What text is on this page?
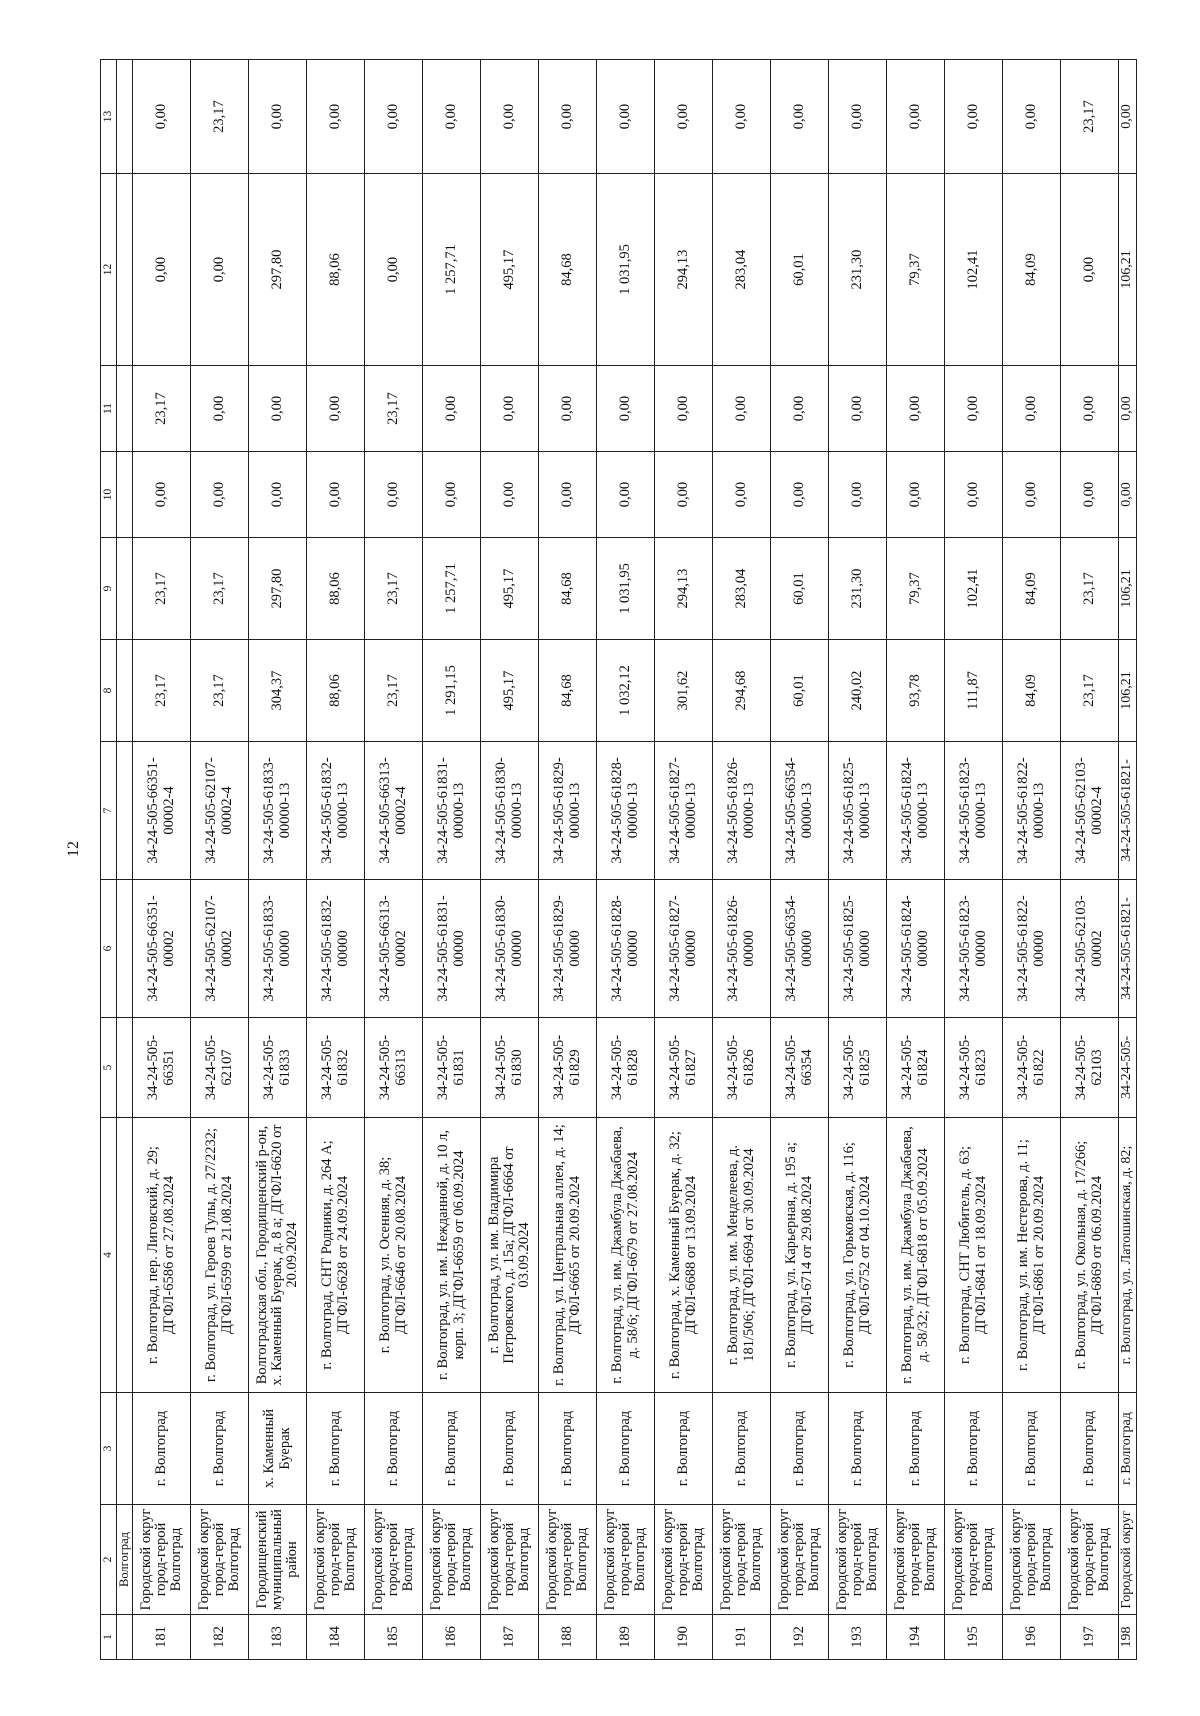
12
1	2	3	4	5	6	7	8	9	10	11	12	13
	Волгоград											
181	Городской округ город-герой Волгоград	г. Волгоград	г. Волгоград, пер. Лиговский, д. 29; ДГФЛ-6586 от 27.08.2024	34-24-505-66351	34-24-505-66351-00002	34-24-505-66351-00002-4	23,17	23,17	0,00	23,17	0,00	0,00
182	Городской округ город-герой Волгоград	г. Волгоград	г. Волгоград, ул. Героев Тулы, д. 27/2232; ДГФЛ-6599 от 21.08.2024	34-24-505-62107	34-24-505-62107-00002	34-24-505-62107-00002-4	23,17	23,17	0,00	0,00	0,00	23,17
183	Городищенский муниципальный район	х. Каменный Буерак	Волгоградская обл., Городищенский р-он, х. Каменный Буерак, д. 8 а; ДГФЛ-6620 от 20.09.2024	34-24-505-61833	34-24-505-61833-00000	34-24-505-61833-00000-13	304,37	297,80	0,00	0,00	297,80	0,00
184	Городской округ город-герой Волгоград	г. Волгоград	г. Волгоград, СНТ Родники, д. 264 А; ДГФЛ-6628 от 24.09.2024	34-24-505-61832	34-24-505-61832-00000	34-24-505-61832-00000-13	88,06	88,06	0,00	0,00	88,06	0,00
185	Городской округ город-герой Волгоград	г. Волгоград	г. Волгоград, ул. Осенняя, д. 38; ДГФЛ-6646 от 20.08.2024	34-24-505-66313	34-24-505-66313-00002	34-24-505-66313-00002-4	23,17	23,17	0,00	23,17	0,00	0,00
186	Городской округ город-герой Волгоград	г. Волгоград	г. Волгоград, ул. им. Нежданной, д. 10 л, корп. 3; ДГФЛ-6659 от 06.09.2024	34-24-505-61831	34-24-505-61831-00000	34-24-505-61831-00000-13	1 291,15	1 257,71	0,00	0,00	1 257,71	0,00
187	Городской округ город-герой Волгоград	г. Волгоград	г. Волгоград, ул. им. Владимира Петровского, д. 15а; ДГФЛ-6664 от 03.09.2024	34-24-505-61830	34-24-505-61830-00000	34-24-505-61830-00000-13	495,17	495,17	0,00	0,00	495,17	0,00
188	Городской округ город-герой Волгоград	г. Волгоград	г. Волгоград, ул. Центральная аллея, д. 14; ДГФЛ-6665 от 20.09.2024	34-24-505-61829	34-24-505-61829-00000	34-24-505-61829-00000-13	84,68	84,68	0,00	0,00	84,68	0,00
189	Городской округ город-герой Волгоград	г. Волгоград	г. Волгоград, ул. им. Джамбула Джабаева, д. 58/6; ДГФЛ-6679 от 27.08.2024	34-24-505-61828	34-24-505-61828-00000	34-24-505-61828-00000-13	1 032,12	1 031,95	0,00	0,00	1 031,95	0,00
190	Городской округ город-герой Волгоград	г. Волгоград	г. Волгоград, х. Каменный Буерак, д. 32; ДГФЛ-6688 от 13.09.2024	34-24-505-61827	34-24-505-61827-00000	34-24-505-61827-00000-13	301,62	294,13	0,00	0,00	294,13	0,00
191	Городской округ город-герой Волгоград	г. Волгоград	г. Волгоград, ул. им. Менделеева, д. 181/506; ДГФЛ-6694 от 30.09.2024	34-24-505-61826	34-24-505-61826-00000	34-24-505-61826-00000-13	294,68	283,04	0,00	0,00	283,04	0,00
192	Городской округ город-герой Волгоград	г. Волгоград	г. Волгоград, ул. Карьерная, д. 195 а; ДГФЛ-6714 от 29.08.2024	34-24-505-66354	34-24-505-66354-00000	34-24-505-66354-00000-13	60,01	60,01	0,00	0,00	60,01	0,00
193	Городской округ город-герой Волгоград	г. Волгоград	г. Волгоград, ул. Горьковская, д. 116; ДГФЛ-6752 от 04.10.2024	34-24-505-61825	34-24-505-61825-00000	34-24-505-61825-00000-13	240,02	231,30	0,00	0,00	231,30	0,00
194	Городской округ город-герой Волгоград	г. Волгоград	г. Волгоград, ул. им. Джамбула Джабаева, д. 58/32; ДГФЛ-6818 от 05.09.2024	34-24-505-61824	34-24-505-61824-00000	34-24-505-61824-00000-13	93,78	79,37	0,00	0,00	79,37	0,00
195	Городской округ город-герой Волгоград	г. Волгоград	г. Волгоград, СНТ Любитель, д. 63; ДГФЛ-6841 от 18.09.2024	34-24-505-61823	34-24-505-61823-00000	34-24-505-61823-00000-13	111,87	102,41	0,00	0,00	102,41	0,00
196	Городской округ город-герой Волгоград	г. Волгоград	г. Волгоград, ул. им. Нестерова, д. 11; ДГФЛ-6861 от 20.09.2024	34-24-505-61822	34-24-505-61822-00000	34-24-505-61822-00000-13	84,09	84,09	0,00	0,00	84,09	0,00
197	Городской округ город-герой Волгоград	г. Волгоград	г. Волгоград, ул. Окольная, д. 17/266; ДГФЛ-6869 от 06.09.2024	34-24-505-62103	34-24-505-62103-00002	34-24-505-62103-00002-4	23,17	23,17	0,00	0,00	0,00	23,17
198	Городской округ	г. Волгоград	г. Волгоград, ул. Латошинская, д. 82;	34-24-505-	34-24-505-61821-	34-24-505-61821-	106,21	106,21	0,00	0,00	106,21	0,00
